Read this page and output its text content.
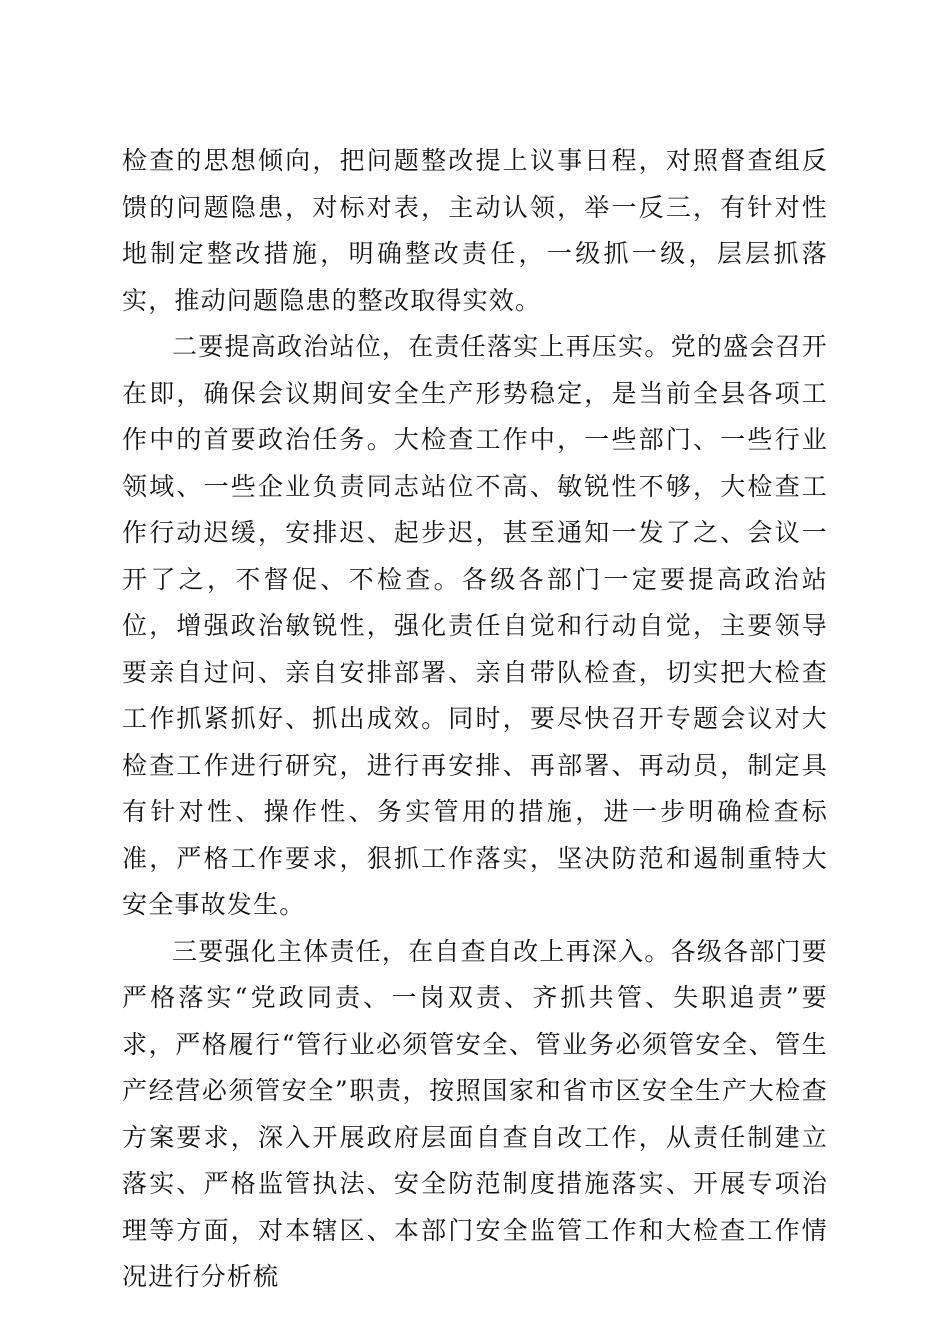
检查的思想倾向，把问题整改提上议事日程，对照督查组反馈的问题隐患，对标对表，主动认领，举一反三，有针对性地制定整改措施，明确整改责任，一级抓一级，层层抓落实，推动问题隐患的整改取得实效。

二要提高政治站位，在责任落实上再压实。党的盛会召开在即，确保会议期间安全生产形势稳定，是当前全县各项工作中的首要政治任务。大检查工作中，一些部门、一些行业领域、一些企业负责同志站位不高、敏锐性不够，大检查工作行动迟缓，安排迟、起步迟，甚至通知一发了之、会议一开了之，不督促、不检查。各级各部门一定要提高政治站位，增强政治敏锐性，强化责任自觉和行动自觉，主要领导要亲自过问、亲自安排部署、亲自带队检查，切实把大检查工作抓紧抓好、抓出成效。同时，要尽快召开专题会议对大检查工作进行研究，进行再安排、再部署、再动员，制定具有针对性、操作性、务实管用的措施，进一步明确检查标准，严格工作要求，狠抓工作落实，坚决防范和遏制重特大安全事故发生。

三要强化主体责任，在自查自改上再深入。各级各部门要严格落实“党政同责、一岗双责、齐抓共管、失职追责”要求，严格履行“管行业必须管安全、管业务必须管安全、管生产经营必须管安全”职责，按照国家和省市区安全生产大检查方案要求，深入开展政府层面自查自改工作，从责任制建立落实、严格监管执法、安全防范制度措施落实、开展专项治理等方面，对本辖区、本部门安全监管工作和大检查工作情况进行分析梳
